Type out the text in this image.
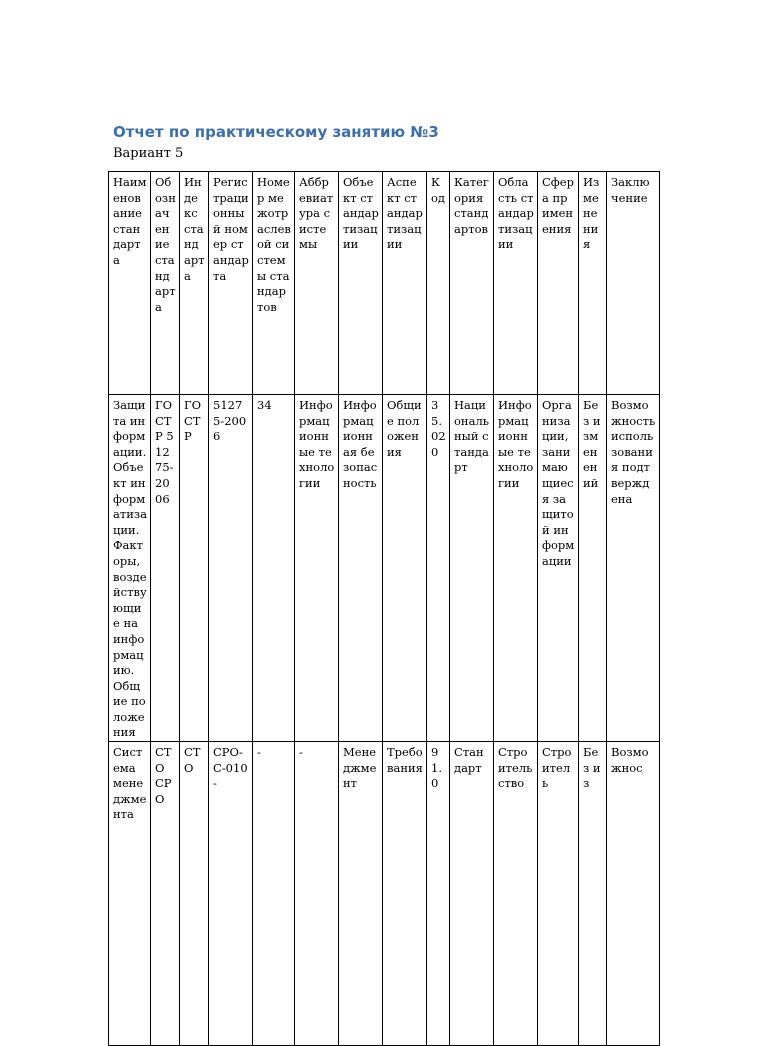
Отчет по практическому занятию №3
Вариант 5
Наименование стандарта	Обозначение стандарта	Индекс стандарта	Регистрационный номер стандарта	Номер межотраслевой системы стандартов	Аббревиатура системы	Объект стандартизации	Аспект стандартизации	Код	Категория стандартов	Область стандартизации	Сфера применения	Изменения	Заключение
Защита информации. Объект информатизации. Факторы, воздействующие на информацию. Общие положения	ГОСТ Р 51275-2006	ГОСТ Р	51275-2006	34	Информационные технологии	Информационная безопасность	Общие положения	35.020	Национальный стандарт	Информационные технологии	Организации, занимающиеся защитой информации	Без изменений	Возможность использования подтверждена
Система менеджмента	СТО СРО	СТО	СРО-С-010-	-	-	Менеджмент	Требования	91.0	Стандарт	Строительство	Строитель	Без из	Возможнос
